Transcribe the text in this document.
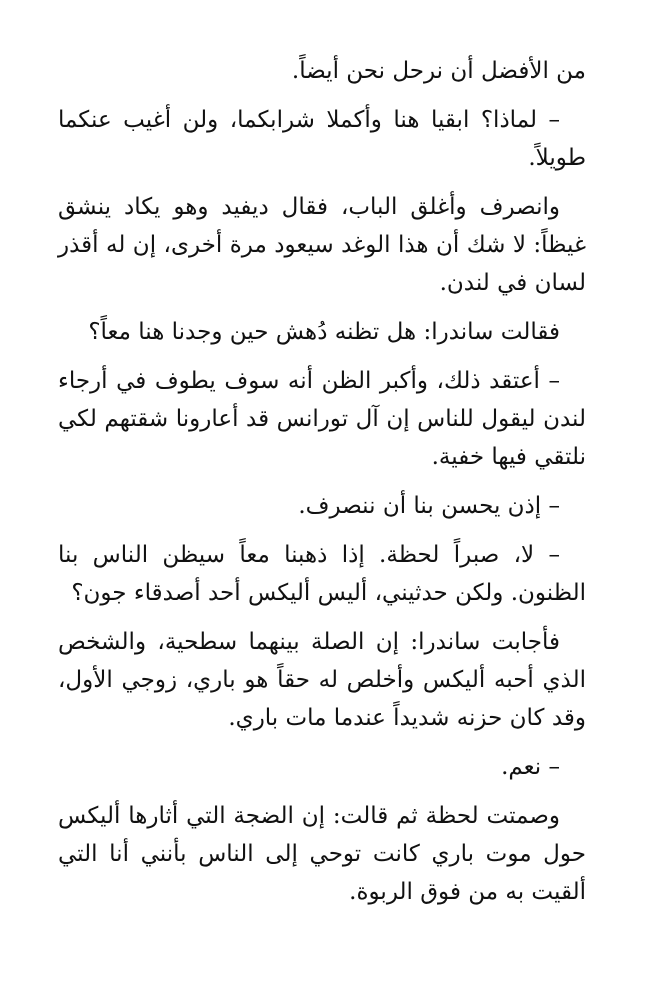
من الأفضل أن نرحل نحن أيضاً.

– لماذا؟ ابقيا هنا وأكملا شرابكما، ولن أغيب عنكما طويلاً.

وانصرف وأغلق الباب، فقال ديفيد وهو يكاد ينشق غيظاً: لا شك أن هذا الوغد سيعود مرة أخرى، إن له أقذر لسان في لندن.

فقالت ساندرا: هل تظنه دُهش حين وجدنا هنا معاً؟

– أعتقد ذلك، وأكبر الظن أنه سوف يطوف في أرجاء لندن ليقول للناس إن آل تورانس قد أعارونا شقتهم لكي نلتقي فيها خفية.

– إذن يحسن بنا أن ننصرف.

– لا، صبراً لحظة. إذا ذهبنا معاً سيظن الناس بنا الظنون. ولكن حدثيني، أليس أليكس أحد أصدقاء جون؟

فأجابت ساندرا: إن الصلة بينهما سطحية، والشخص الذي أحبه أليكس وأخلص له حقاً هو باري، زوجي الأول، وقد كان حزنه شديداً عندما مات باري.

– نعم.

وصمتت لحظة ثم قالت: إن الضجة التي أثارها أليكس حول موت باري كانت توحي إلى الناس بأنني أنا التي ألقيت به من فوق الربوة.
